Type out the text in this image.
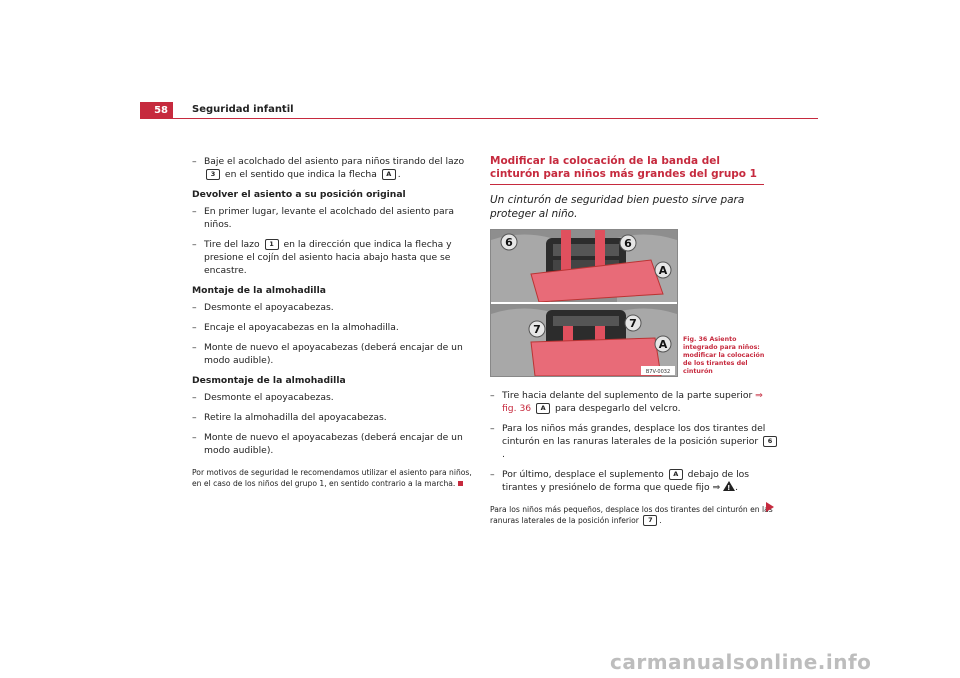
58	Seguridad infantil
– Baje el acolchado del asiento para niños tirando del lazo 3 en el sentido que indica la flecha A .
Devolver el asiento a su posición original
– En primer lugar, levante el acolchado del asiento para niños.
– Tire del lazo 1 en la dirección que indica la flecha y presione el cojín del asiento hacia abajo hasta que se encastre.
Montaje de la almohadilla
– Desmonte el apoyacabezas.
– Encaje el apoyacabezas en la almohadilla.
– Monte de nuevo el apoyacabezas (deberá encajar de un modo audible).
Desmontaje de la almohadilla
– Desmonte el apoyacabezas.
– Retire la almohadilla del apoyacabezas.
– Monte de nuevo el apoyacabezas (deberá encajar de un modo audible).
Por motivos de seguridad le recomendamos utilizar el asiento para niños, en el caso de los niños del grupo 1, en sentido contrario a la marcha.
Modificar la colocación de la banda del cinturón para niños más grandes del grupo 1
Un cinturón de seguridad bien puesto sirve para proteger al niño.
6	6
A
7	7
A
B7V-0032
– Tire hacia delante del suplemento de la parte superior ⇒ fig. 36 A para despegarlo del velcro.
– Para los niños más grandes, desplace los dos tirantes del cinturón en las ranuras laterales de la posición superior 6.
– Por último, desplace el suplemento A debajo de los tirantes y presiónelo de forma que quede fijo ⇒ ! .
Para los niños más pequeños, desplace los dos tirantes del cinturón en las ranuras laterales de la posición inferior 7 .
Fig. 36 Asiento integrado para niños: modificar la colocación de los tirantes del cinturón
carmanualsonline.info
